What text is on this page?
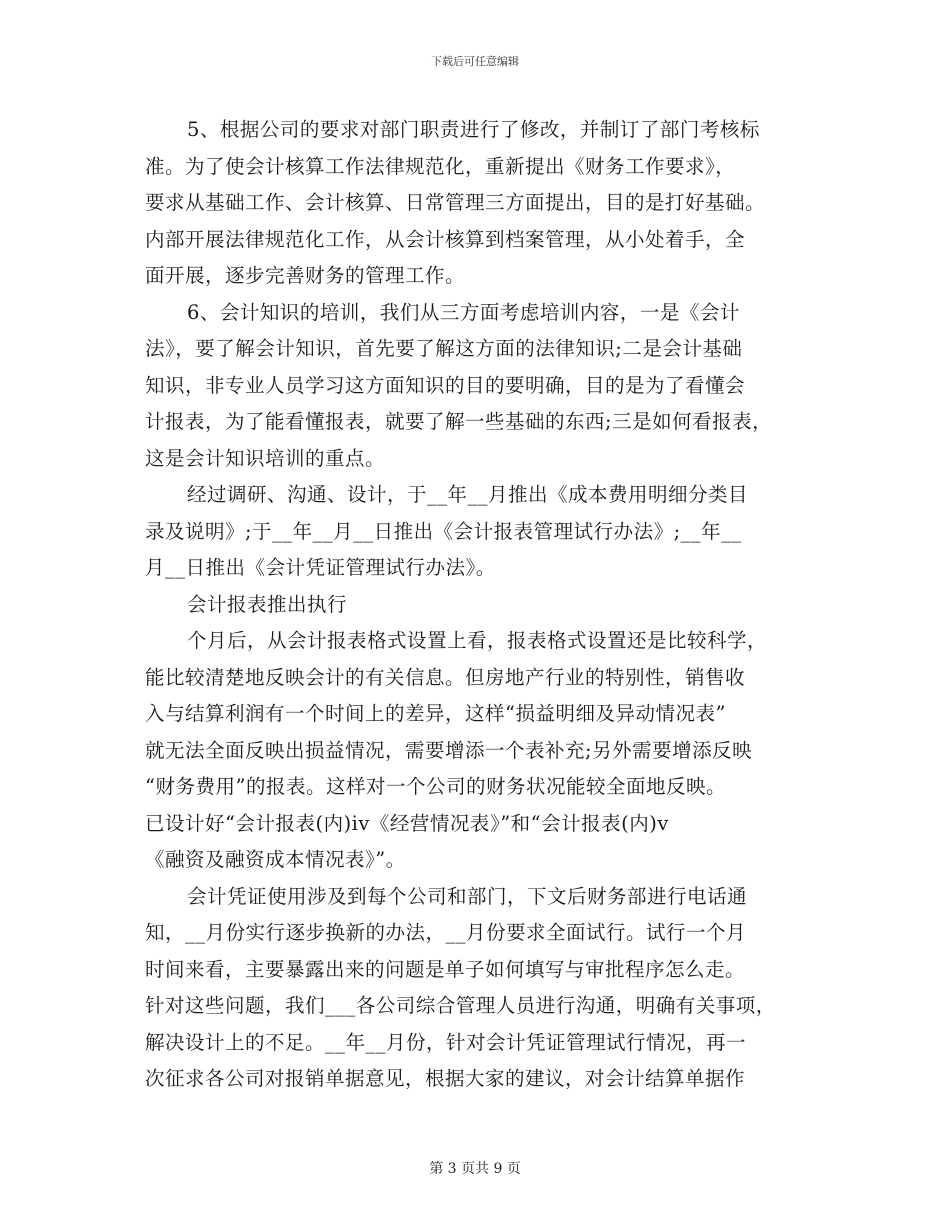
下载后可任意编辑
5、根据公司的要求对部门职责进行了修改，并制订了部门考核标
准。为了使会计核算工作法律规范化，重新提出《财务工作要求》，
要求从基础工作、会计核算、日常管理三方面提出，目的是打好基础。
内部开展法律规范化工作，从会计核算到档案管理，从小处着手，全
面开展，逐步完善财务的管理工作。
6、会计知识的培训，我们从三方面考虑培训内容，一是《会计
法》，要了解会计知识，首先要了解这方面的法律知识;二是会计基础
知识，非专业人员学习这方面知识的目的要明确，目的是为了看懂会
计报表，为了能看懂报表，就要了解一些基础的东西;三是如何看报表，
这是会计知识培训的重点。
经过调研、沟通、设计，于__年__月推出《成本费用明细分类目
录及说明》;于__年__月__日推出《会计报表管理试行办法》;__年__
月__日推出《会计凭证管理试行办法》。
会计报表推出执行
个月后，从会计报表格式设置上看，报表格式设置还是比较科学，
能比较清楚地反映会计的有关信息。但房地产行业的特别性，销售收
入与结算利润有一个时间上的差异，这样“损益明细及异动情况表”
就无法全面反映出损益情况，需要增添一个表补充;另外需要增添反映
“财务费用”的报表。这样对一个公司的财务状况能较全面地反映。
已设计好“会计报表(内)iv《经营情况表》”和“会计报表(内)v
《融资及融资成本情况表》”。
会计凭证使用涉及到每个公司和部门，下文后财务部进行电话通
知，__月份实行逐步换新的办法，__月份要求全面试行。试行一个月
时间来看，主要暴露出来的问题是单子如何填写与审批程序怎么走。
针对这些问题，我们___各公司综合管理人员进行沟通，明确有关事项，
解决设计上的不足。__年__月份，针对会计凭证管理试行情况，再一
次征求各公司对报销单据意见，根据大家的建议，对会计结算单据作
第 3 页共 9 页
